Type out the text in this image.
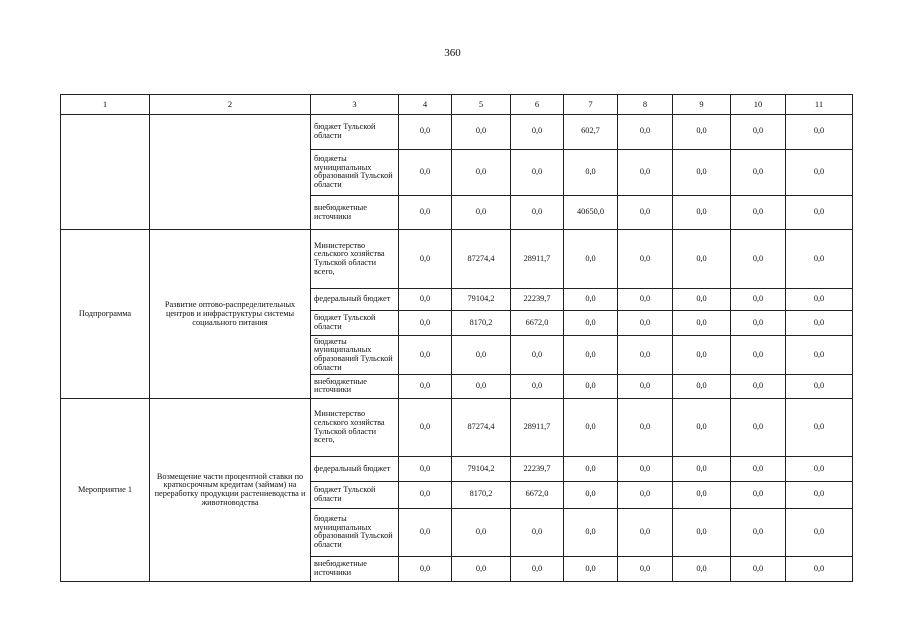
360
1	2	3	4	5	6	7	8	9	10	11
		бюджет Тульской области	0,0	0,0	0,0	602,7	0,0	0,0	0,0	0,0
		бюджеты муниципальных образований Тульской области	0,0	0,0	0,0	0,0	0,0	0,0	0,0	0,0
		внебюджетные источники	0,0	0,0	0,0	40650,0	0,0	0,0	0,0	0,0
Подпрограмма	Развитие оптово-распределительных центров и инфраструктуры системы социального питания	Министерство сельского хозяйства Тульской области всего,	0,0	87274,4	28911,7	0,0	0,0	0,0	0,0	0,0
		федеральный бюджет	0,0	79104,2	22239,7	0,0	0,0	0,0	0,0	0,0
		бюджет Тульской области	0,0	8170,2	6672,0	0,0	0,0	0,0	0,0	0,0
		бюджеты муниципальных образований Тульской области	0,0	0,0	0,0	0,0	0,0	0,0	0,0	0,0
		внебюджетные источники	0,0	0,0	0,0	0,0	0,0	0,0	0,0	0,0
Мероприятие 1	Возмещение части процентной ставки по краткосрочным кредитам (займам) на переработку продукции растениеводства и животноводства	Министерство сельского хозяйства Тульской области всего,	0,0	87274,4	28911,7	0,0	0,0	0,0	0,0	0,0
		федеральный бюджет	0,0	79104,2	22239,7	0,0	0,0	0,0	0,0	0,0
		бюджет Тульской области	0,0	8170,2	6672,0	0,0	0,0	0,0	0,0	0,0
		бюджеты муниципальных образований Тульской области	0,0	0,0	0,0	0,0	0,0	0,0	0,0	0,0
		внебюджетные источники	0,0	0,0	0,0	0,0	0,0	0,0	0,0	0,0
